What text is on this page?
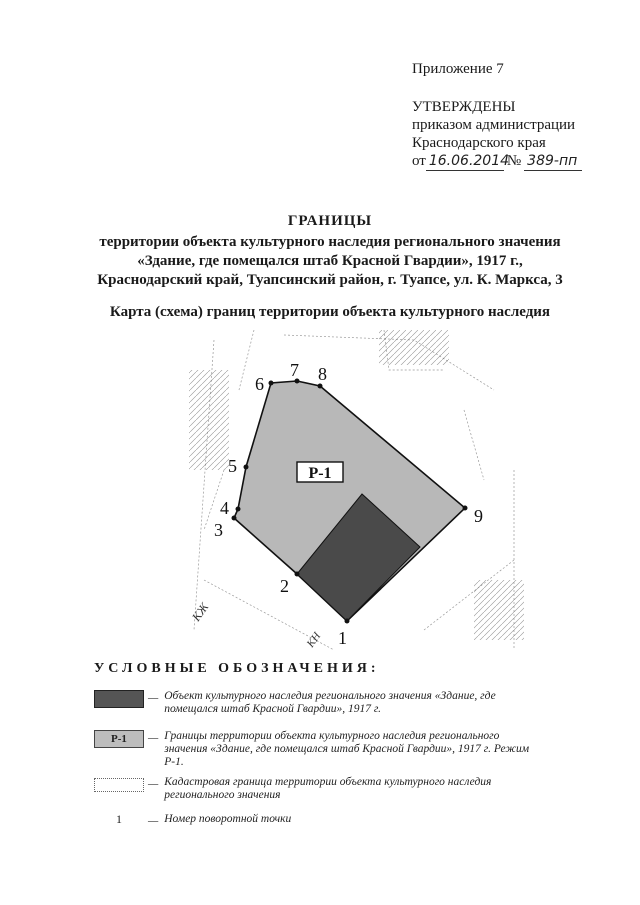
Приложение 7
УТВЕРЖДЕНЫ
приказом администрации
Краснодарского края
от 16.06.2014
№ 389-пп
ГРАНИЦЫ
территории объекта культурного наследия регионального значения
«Здание, где помещался штаб Красной Гвардии», 1917 г.,
Краснодарский край, Туапсинский район, г. Туапсе, ул. К. Маркса, 3
Карта (схема) границ территории объекта культурного наследия
1
2
3
4
5
6
7 8
9
Р-1
КЖ
КН
УСЛОВНЫЕ ОБОЗНАЧЕНИЯ:
— Объект культурного наследия регионального значения «Здание, где помещался штаб Красной Гвардии», 1917 г.
Р-1	— Границы территории объекта культурного наследия регионального значения «Здание, где помещался штаб Красной Гвардии», 1917 г. Режим Р-1.
— Кадастровая граница территории объекта культурного наследия регионального значения
1	— Номер поворотной точки
